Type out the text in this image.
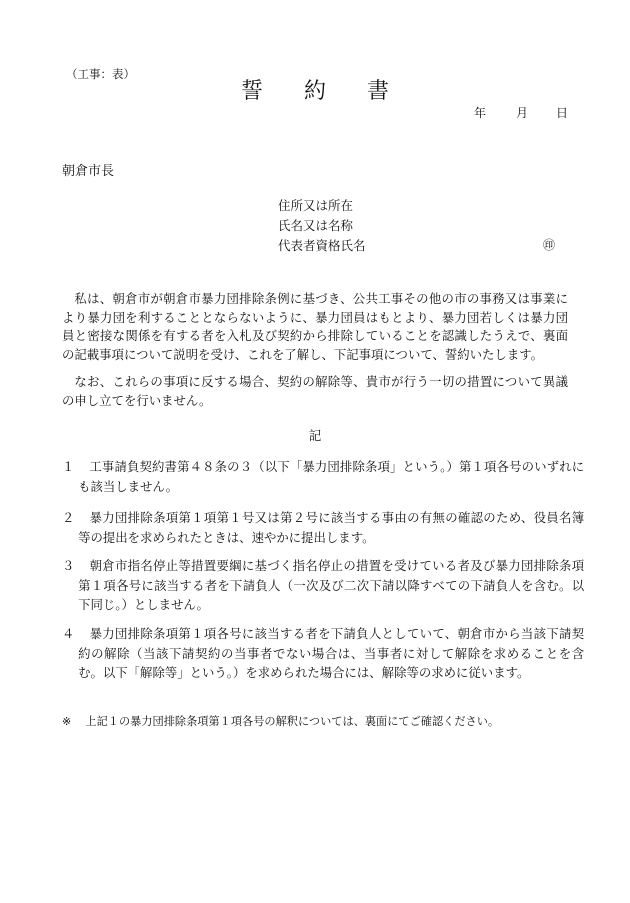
（工事：表）
誓 約 書
年 月 日
朝倉市長
住所又は所在
氏名又は名称
代表者資格氏名	㊞
私は、朝倉市が朝倉市暴力団排除条例に基づき、公共工事その他の市の事務又は事業により暴力団を利することとならないように、暴力団員はもとより、暴力団若しくは暴力団員と密接な関係を有する者を入札及び契約から排除していることを認識したうえで、裏面の記載事項について説明を受け、これを了解し、下記事項について、誓約いたします。
なお、これらの事項に反する場合、契約の解除等、貴市が行う一切の措置について異議の申し立てを行いません。
記
１ 工事請負契約書第４８条の３（以下「暴力団排除条項」という。）第１項各号のいずれにも該当しません。
２ 暴力団排除条項第１項第１号又は第２号に該当する事由の有無の確認のため、役員名簿等の提出を求められたときは、速やかに提出します。
３ 朝倉市指名停止等措置要綱に基づく指名停止の措置を受けている者及び暴力団排除条項第１項各号に該当する者を下請負人（一次及び二次下請以降すべての下請負人を含む。以下同じ。）としません。
４ 暴力団排除条項第１項各号に該当する者を下請負人としていて、朝倉市から当該下請契約の解除（当該下請契約の当事者でない場合は、当事者に対して解除を求めることを含む。以下「解除等」という。）を求められた場合には、解除等の求めに従います。
※ 上記１の暴力団排除条項第１項各号の解釈については、裏面にてご確認ください。
